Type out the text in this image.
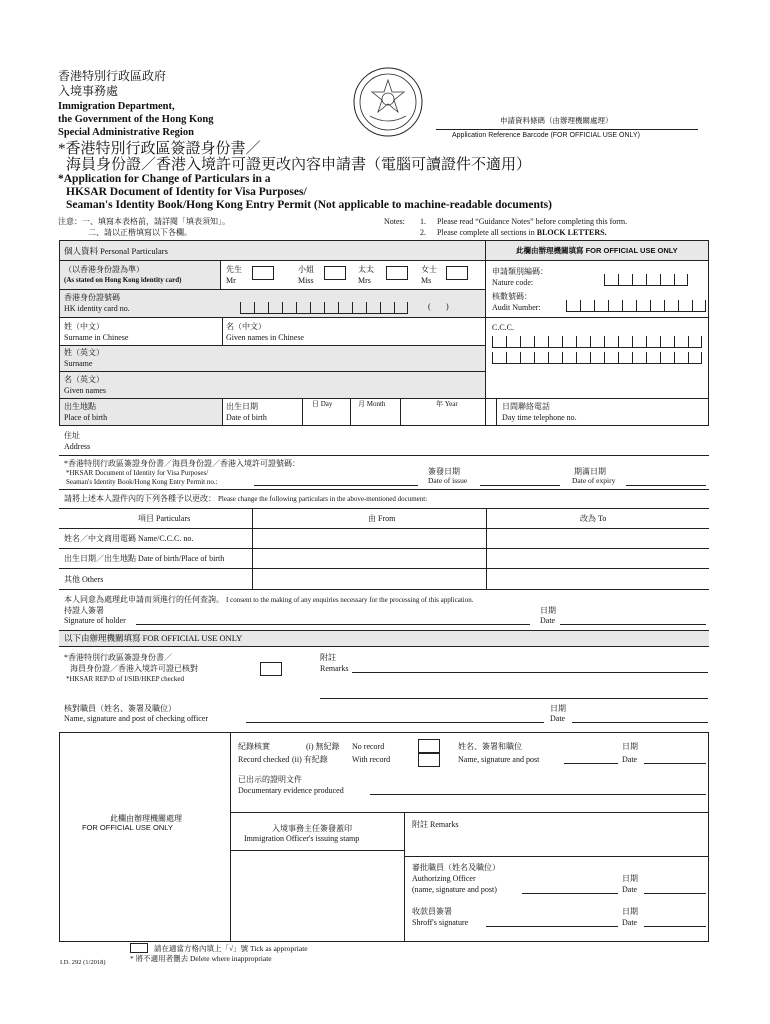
香港特別行政區政府
入境事務處
Immigration Department,
the Government of the Hong Kong
Special Administrative Region
申請資料條碼（由辦理機關處理）
Application Reference Barcode (FOR OFFICIAL USE ONLY)
*香港特別行政區簽證身份書／
海員身份證／香港入境許可證更改內容申請書（電腦可讀證件不適用）
*Application for Change of Particulars in a
HKSAR Document of Identity for Visa Purposes/
Seaman's Identity Book/Hong Kong Entry Permit (Not applicable to machine-readable documents)
注意：一、填寫本表格前，請詳閱「填表須知」。
二、請以正楷填寫以下各欄。
Notes: 1.
2.
Please read “Guidance Notes” before completing this form.
Please complete all sections in BLOCK LETTERS.
個人資料 Personal Particulars	此欄由辦理機關填寫 FOR OFFICIAL USE ONLY
（以香港身份證為準）
(As stated on Hong Kong identity card)
先生
Mr
小姐
Miss
太太
Mrs
女士
Ms
申請類別編碼：
Nature code:
核數號碼：
Audit Number:
C.C.C.
香港身份證號碼
HK identity card no.	( )
姓（中文）
Surname in Chinese
名（中文）
Given names in Chinese
姓（英文）
Surname
名（英文）
Given names
出生地點
Place of birth
出生日期
Date of birth
日 Day	月 Month	年 Year	日間聯絡電話
Day time telephone no.
住址
Address
*香港特別行政區簽證身份書／海員身份證／香港入境許可證號碼：
*HKSAR Document of Identity for Visa Purposes/
Seaman's Identity Book/Hong Kong Entry Permit no.:
簽發日期
Date of issue
期滿日期
Date of expiry
請將上述本人證件內的下列各種予以更改： Please change the following particulars in the above-mentioned document:
項目 Particulars	由 From	改為 To
姓名／中文商用電碼 Name/C.C.C. no.
出生日期／出生地點 Date of birth/Place of birth
其他 Others
本人同意為處理此申請而須進行的任何查詢。 I consent to the making of any enquiries necessary for the processing of this application.
持證人簽署
Signature of holder
日期
Date
以下由辦理機關填寫 FOR OFFICIAL USE ONLY
*香港特別行政區簽證身份書／
海員身份證／香港入境許可證已核對
*HKSAR REP/D of I/SIB/HKEP checked
附註
Remarks
核對職員（姓名、簽署及職位）
Name, signature and post of checking officer
日期
Date
紀錄核實
Record checked
(i) 無紀錄 No record
(ii) 有紀錄	With record
姓名、簽署和職位
Name, signature and post
日期
Date
已出示的證明文件
Documentary evidence produced
此欄由辦理機關處理
FOR OFFICIAL USE ONLY	入境事務主任簽發蓋印
Immigration Officer's issuing stamp
附註 Remarks
審批職員（姓名及職位）
Authorizing Officer
(name, signature and post)
日期
Date
收款員簽署
Shroff's signature
日期
Date
請在適當方格內填上「√」號 Tick as appropriate
* 將不適用者刪去 Delete where inappropriate
I.D. 292 (1/2018)
